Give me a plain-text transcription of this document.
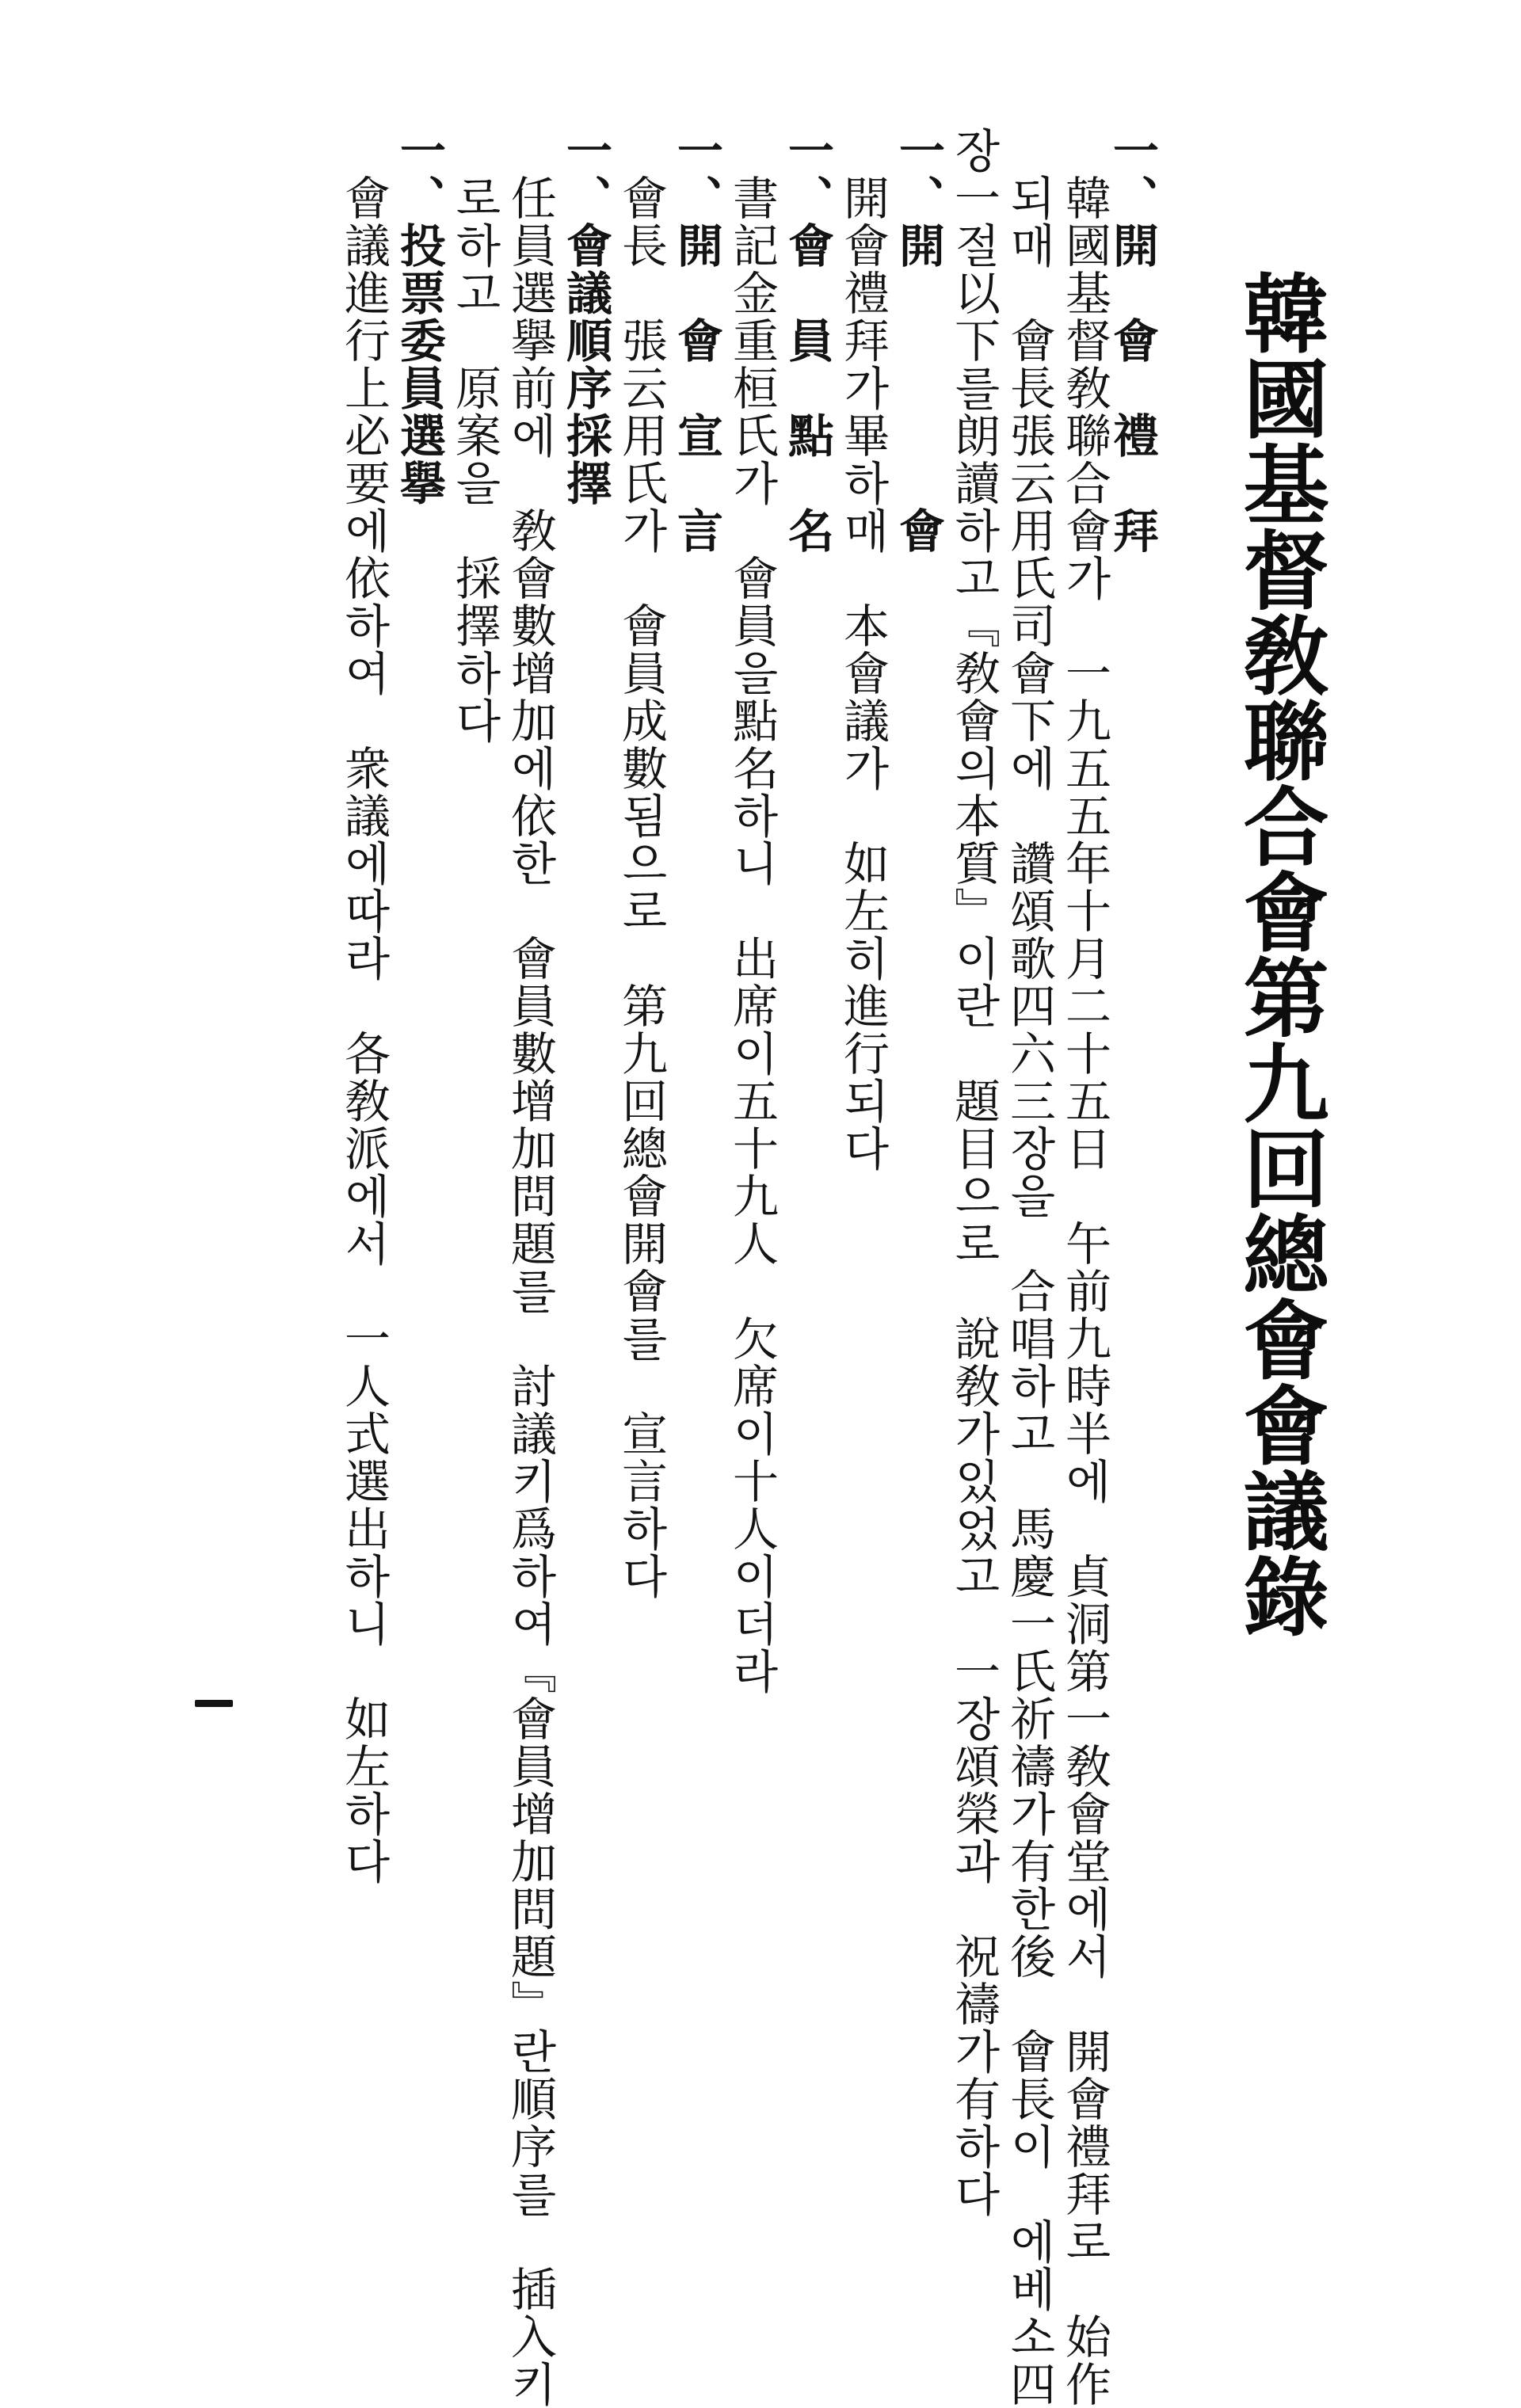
韓國基督敎聯合會第九回總會會議錄
一、開　會　禮　拜
韓國基督敎聯合會가　一九五五年十月二十五日　午前九時半에　貞洞第一敎會堂에서　開會禮拜로　始作
되매　會長張云用氏司會下에　讚頌歌四六三장을　合唱하고　馬慶一氏祈禱가有한後　會長이　에베소四
장一절以下를朗讀하고『敎會의本質』이란　題目으로　說敎가있었고　一장頌榮과　祝禱가有하다
一、開　　　　　會
開會禮拜가畢하매　本會議가　如左히進行되다
一、會　員　點　名
書記金重桓氏가　會員을點名하니　出席이五十九人　欠席이十人이더라
一、開　會　宣　言
會長　張云用氏가　會員成數됨으로　第九回總會開會를　宣言하다
一、會議順序採擇
任員選擧前에　敎會數增加에依한　會員數增加問題를　討議키爲하여『會員增加問題』란順序를　插入키
로하고　原案을　採擇하다
一、投票委員選擧
會議進行上必要에依하여　衆議에따라　各敎派에서　一人式選出하니　如左하다
